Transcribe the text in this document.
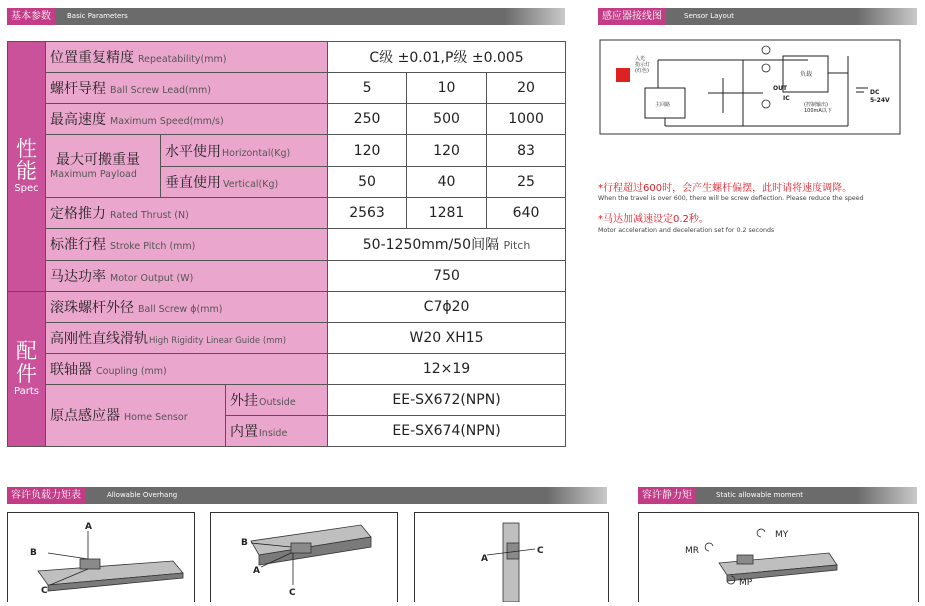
基本参数	Basic Parameters	感应器接线图	Sensor Layout
性
能
Spec	位置重复精度 Repeatability(mm)			C级 ±0.01,P级 ±0.005		
	螺杆导程 Ball Screw Lead(mm)			5	10	20
	最高速度 Maximum Speed(mm/s)			250	500	1000

	最大可搬重量
Maximum Payload	水平使用Horizontal(Kg)		120	120	83
		垂直使用 Vertical(Kg)		50	40	25
	定格推力 Rated Thrust (N)			2563	1281	640
	标准行程 Stroke Pitch (mm)			50-1250mm/50间隔 Pitch		
	马达功率 Motor Output (W)			750		

配
件
Parts	滚珠螺杆外径 Ball Screw ɸ(mm)			C7ɸ20		
	高刚性直线滑轨High Rigidity Linear Guide (mm)			W20 XH15		
	联轴器 Coupling (mm)			12×19		
	原点感应器 Home Sensor		外挂Outside	EE-SX672(NPN)		
			内置Inside	EE-SX674(NPN)		
入光
指示灯
(红色)
主回路
负载
OUT
IC
DC
5-24V
(控制输出)
100mA以下
*行程超过600时，会产生螺杆偏摆，此时请将速度调降。
When the travel is over 600, there will be screw deflection. Please reduce the speed
*马达加减速设定0.2秒。
Motor acceleration and deceleration set for 0.2 seconds
容许负载力矩表	Allowable Overhang	容许静力矩	Static allowable moment
A
B
C
B
A
C
A
C
MY
MR
MP
